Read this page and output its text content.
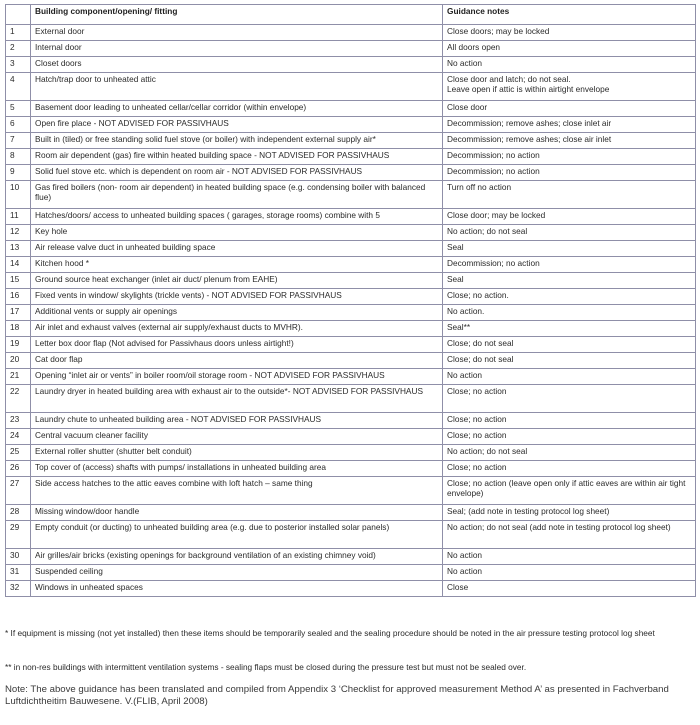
	Building component/opening/ fitting	Guidance notes
1	External door	Close doors; may be locked
2	Internal door	All doors open
3	Closet doors	No action
4	Hatch/trap door to unheated attic	Close door and latch; do not seal.
Leave open if attic is within airtight envelope
5	Basement door leading to unheated cellar/cellar corridor (within envelope)	Close door
6	Open fire place - NOT ADVISED FOR PASSIVHAUS	Decommission; remove ashes; close inlet air
7	Built in (tiled) or free standing solid fuel stove (or boiler) with independent external supply air*	Decommission; remove ashes; close air inlet
8	Room air dependent (gas) fire within heated building space - NOT ADVISED FOR PASSIVHAUS	Decommission; no action
9	Solid fuel stove etc. which is dependent on room air - NOT ADVISED FOR PASSIVHAUS	Decommission; no action
10	Gas fired boilers (non- room air dependent) in heated building space (e.g. condensing boiler with balanced flue)	Turn off no action
11	Hatches/doors/ access to unheated building spaces ( garages, storage rooms) combine with 5	Close door; may be locked
12	Key hole	No action; do not seal
13	Air release valve duct in unheated building space	Seal
14	Kitchen hood *	Decommission; no action
15	Ground source heat exchanger (inlet air duct/ plenum from EAHE)	Seal
16	Fixed vents in window/ skylights (trickle vents) - NOT ADVISED FOR PASSIVHAUS	Close; no action.
17	Additional vents or supply air openings	No action.
18	Air inlet and exhaust valves (external air supply/exhaust ducts to MVHR).	Seal**
19	Letter box door flap (Not advised for Passivhaus doors unless airtight!)	Close; do not seal
20	Cat door flap	Close; do not seal
21	Opening “inlet air or vents” in boiler room/oil storage room - NOT ADVISED FOR PASSIVHAUS	No action
22	Laundry dryer in heated building area with exhaust air to the outside*- NOT ADVISED FOR PASSIVHAUS	Close; no action
23	Laundry chute to unheated building area - NOT ADVISED FOR PASSIVHAUS	Close; no action
24	Central vacuum cleaner facility	Close; no action
25	External roller shutter (shutter belt conduit)	No action; do not seal
26	Top cover of (access) shafts with pumps/ installations in unheated building area	Close; no action
27	Side access hatches to the attic eaves combine with loft hatch – same thing	Close; no action (leave open only if attic eaves are within air tight envelope)
28	Missing window/door handle	Seal; (add note in testing protocol log sheet)
29	Empty conduit (or ducting) to unheated building area (e.g. due to posterior installed solar panels)	No action; do not seal (add note in testing protocol log sheet)
30	Air grilles/air bricks (existing openings for background ventilation of an existing chimney void)	No action
31	Suspended ceiling	No action
32	Windows in unheated spaces	Close
* If equipment is missing (not yet installed) then these items should be temporarily sealed and the sealing procedure should be noted in the air pressure testing protocol log sheet
** in non-res buildings with intermittent ventilation systems - sealing flaps must be closed during the pressure test but must not be sealed over.
Note: The above guidance has been translated and compiled from Appendix 3 ‘Checklist for approved measurement Method A’ as presented in Fachverband Luftdichtheitim Bauwesene. V.(FLIB, April 2008)
